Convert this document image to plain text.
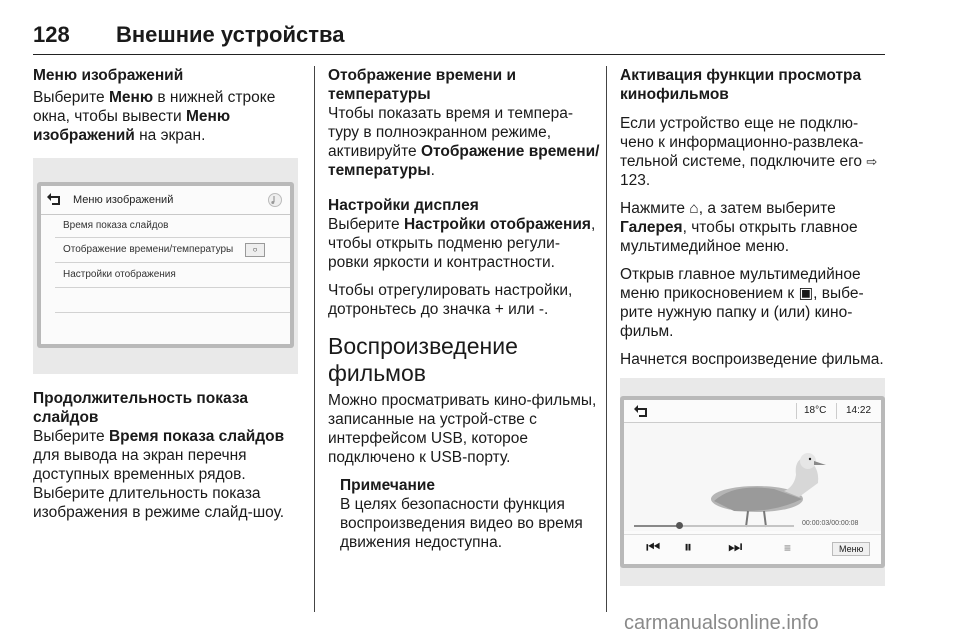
128 Внешние устройства
Меню изображений

Выберите Меню в нижней строке окна, чтобы вывести Меню изображений на экран.

Меню изображений
Время показа слайдов
Отображение времени/температуры	○
Настройки отображения
Продолжительность показа слайдов

Выберите Время показа слайдов для вывода на экран перечня доступных временных рядов. Выберите длительность показа изображения в режиме слайд-шоу.

Отображение времени и температуры

Чтобы показать время и темпера-туру в полноэкранном режиме, активируйте Отображение времени/температуры.

Настройки дисплея

Выберите Настройки отображения, чтобы открыть подменю регули-ровки яркости и контрастности.

Чтобы отрегулировать настройки, дотроньтесь до значка + или -.

Воспроизведение фильмов

Можно просматривать кино-фильмы, записанные на устрой-стве с интерфейсом USB, которое подключено к USB-порту.

Примечание

В целях безопасности функция воспроизведения видео во время движения недоступна.

Активация функции просмотра кинофильмов

Если устройство еще не подклю-чено к информационно-развлека-тельной системе, подключите его ⇨ 123.

Нажмите ⌂, а затем выберите Галерея, чтобы открыть главное мультимедийное меню.

Открыв главное мультимедийное меню прикосновением к ▣, выбе-рите нужную папку и (или) кино-фильм.

Начнется воспроизведение фильма.

18°C 14:22
00:00:03/00:00:08
⏮ ⏸ ⏭	≡	Меню
carmanualsonline.info
